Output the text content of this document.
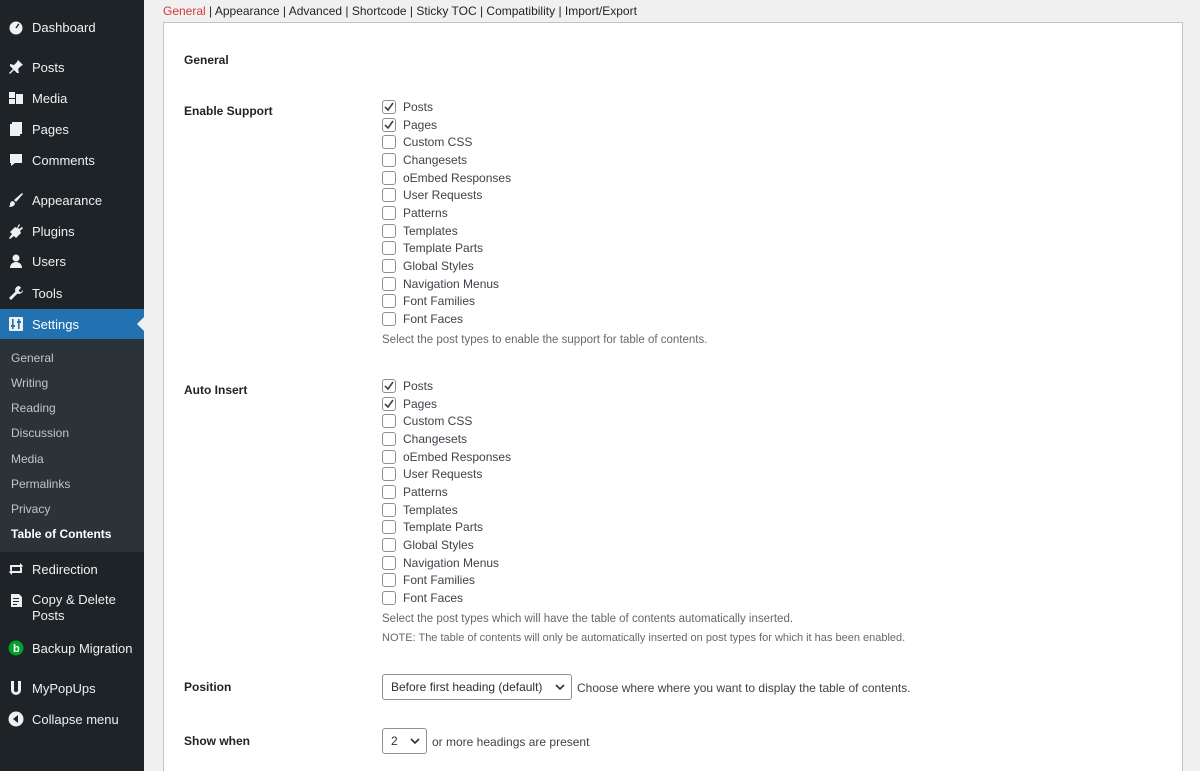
Dashboard
Posts
Media
Pages
Comments
Appearance
Plugins
Users
Tools
Settings
General
Writing
Reading
Discussion
Media
Permalinks
Privacy
Table of Contents
Redirection
Copy & Delete
Posts
b Backup Migration
MyPopUps
Collapse menu
General | Appearance | Advanced | Shortcode | Sticky TOC | Compatibility | Import/Export
General
Enable Support	Posts
Pages
Custom CSS
Changesets
oEmbed Responses
User Requests
Patterns
Templates
Template Parts
Global Styles
Navigation Menus
Font Families
Font Faces
Select the post types to enable the support for table of contents.
Auto Insert	Posts
Pages
Custom CSS
Changesets
oEmbed Responses
User Requests
Patterns
Templates
Template Parts
Global Styles
Navigation Menus
Font Families
Font Faces
Select the post types which will have the table of contents automatically inserted.
NOTE: The table of contents will only be automatically inserted on post types for which it has been enabled.
Position	Before first heading (default)	Choose where where you want to display the table of contents.
Show when	2	or more headings are present
